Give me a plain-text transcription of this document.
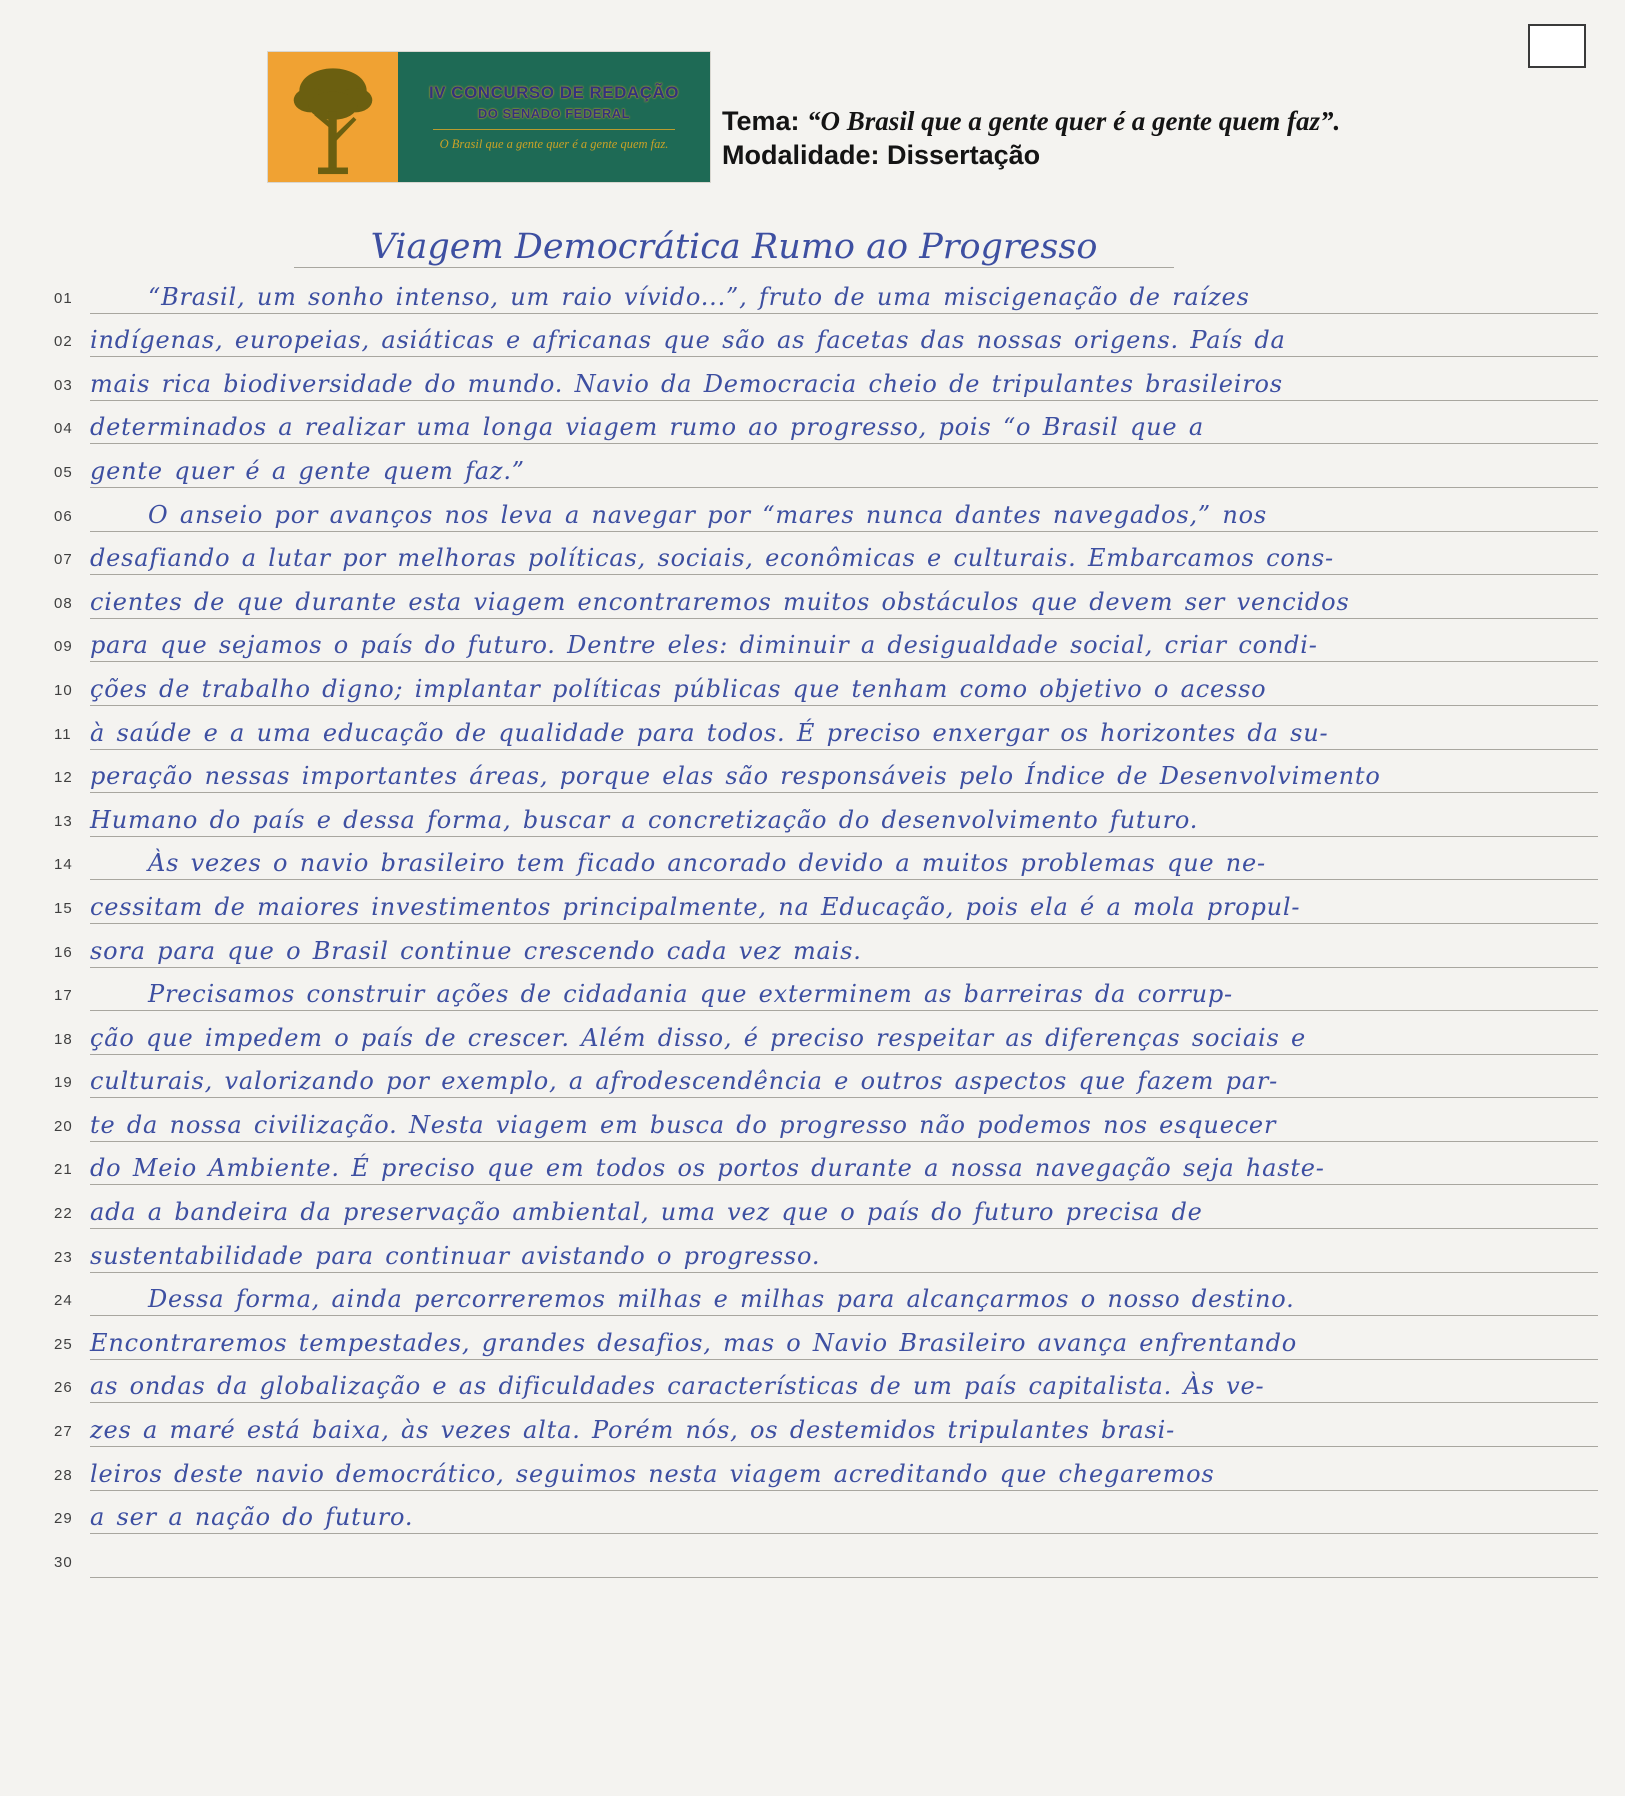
IV CONCURSO DE REDAÇÃO
DO SENADO FEDERAL
O Brasil que a gente quer é a gente quem faz.
Tema: “O Brasil que a gente quer é a gente quem faz”.
Modalidade: Dissertação
Viagem Democrática Rumo ao Progresso
01	“Brasil, um sonho intenso, um raio vívido...”, fruto de uma miscigenação de raízes
02 indígenas, europeias, asiáticas e africanas que são as facetas das nossas origens. País da
03 mais rica biodiversidade do mundo. Navio da Democracia cheio de tripulantes brasileiros
04 determinados a realizar uma longa viagem rumo ao progresso, pois “o Brasil que a
05 gente quer é a gente quem faz.”
06	O anseio por avanços nos leva a navegar por “mares nunca dantes navegados,” nos
07 desafiando a lutar por melhoras políticas, sociais, econômicas e culturais. Embarcamos cons-
08 cientes de que durante esta viagem encontraremos muitos obstáculos que devem ser vencidos
09 para que sejamos o país do futuro. Dentre eles: diminuir a desigualdade social, criar condi-
10 ções de trabalho digno; implantar políticas públicas que tenham como objetivo o acesso
11 à saúde e a uma educação de qualidade para todos. É preciso enxergar os horizontes da su-
12 peração nessas importantes áreas, porque elas são responsáveis pelo Índice de Desenvolvimento
13 Humano do país e dessa forma, buscar a concretização do desenvolvimento futuro.
14	Às vezes o navio brasileiro tem ficado ancorado devido a muitos problemas que ne-
15 cessitam de maiores investimentos principalmente, na Educação, pois ela é a mola propul-
16 sora para que o Brasil continue crescendo cada vez mais.
17	Precisamos construir ações de cidadania que exterminem as barreiras da corrup-
18 ção que impedem o país de crescer. Além disso, é preciso respeitar as diferenças sociais e
19 culturais, valorizando por exemplo, a afrodescendência e outros aspectos que fazem par-
20 te da nossa civilização. Nesta viagem em busca do progresso não podemos nos esquecer
21 do Meio Ambiente. É preciso que em todos os portos durante a nossa navegação seja haste-
22 ada a bandeira da preservação ambiental, uma vez que o país do futuro precisa de
23 sustentabilidade para continuar avistando o progresso.
24	Dessa forma, ainda percorreremos milhas e milhas para alcançarmos o nosso destino.
25 Encontraremos tempestades, grandes desafios, mas o Navio Brasileiro avança enfrentando
26 as ondas da globalização e as dificuldades características de um país capitalista. Às ve-
27 zes a maré está baixa, às vezes alta. Porém nós, os destemidos tripulantes brasi-
28 leiros deste navio democrático, seguimos nesta viagem acreditando que chegaremos
29 a ser a nação do futuro.
30
